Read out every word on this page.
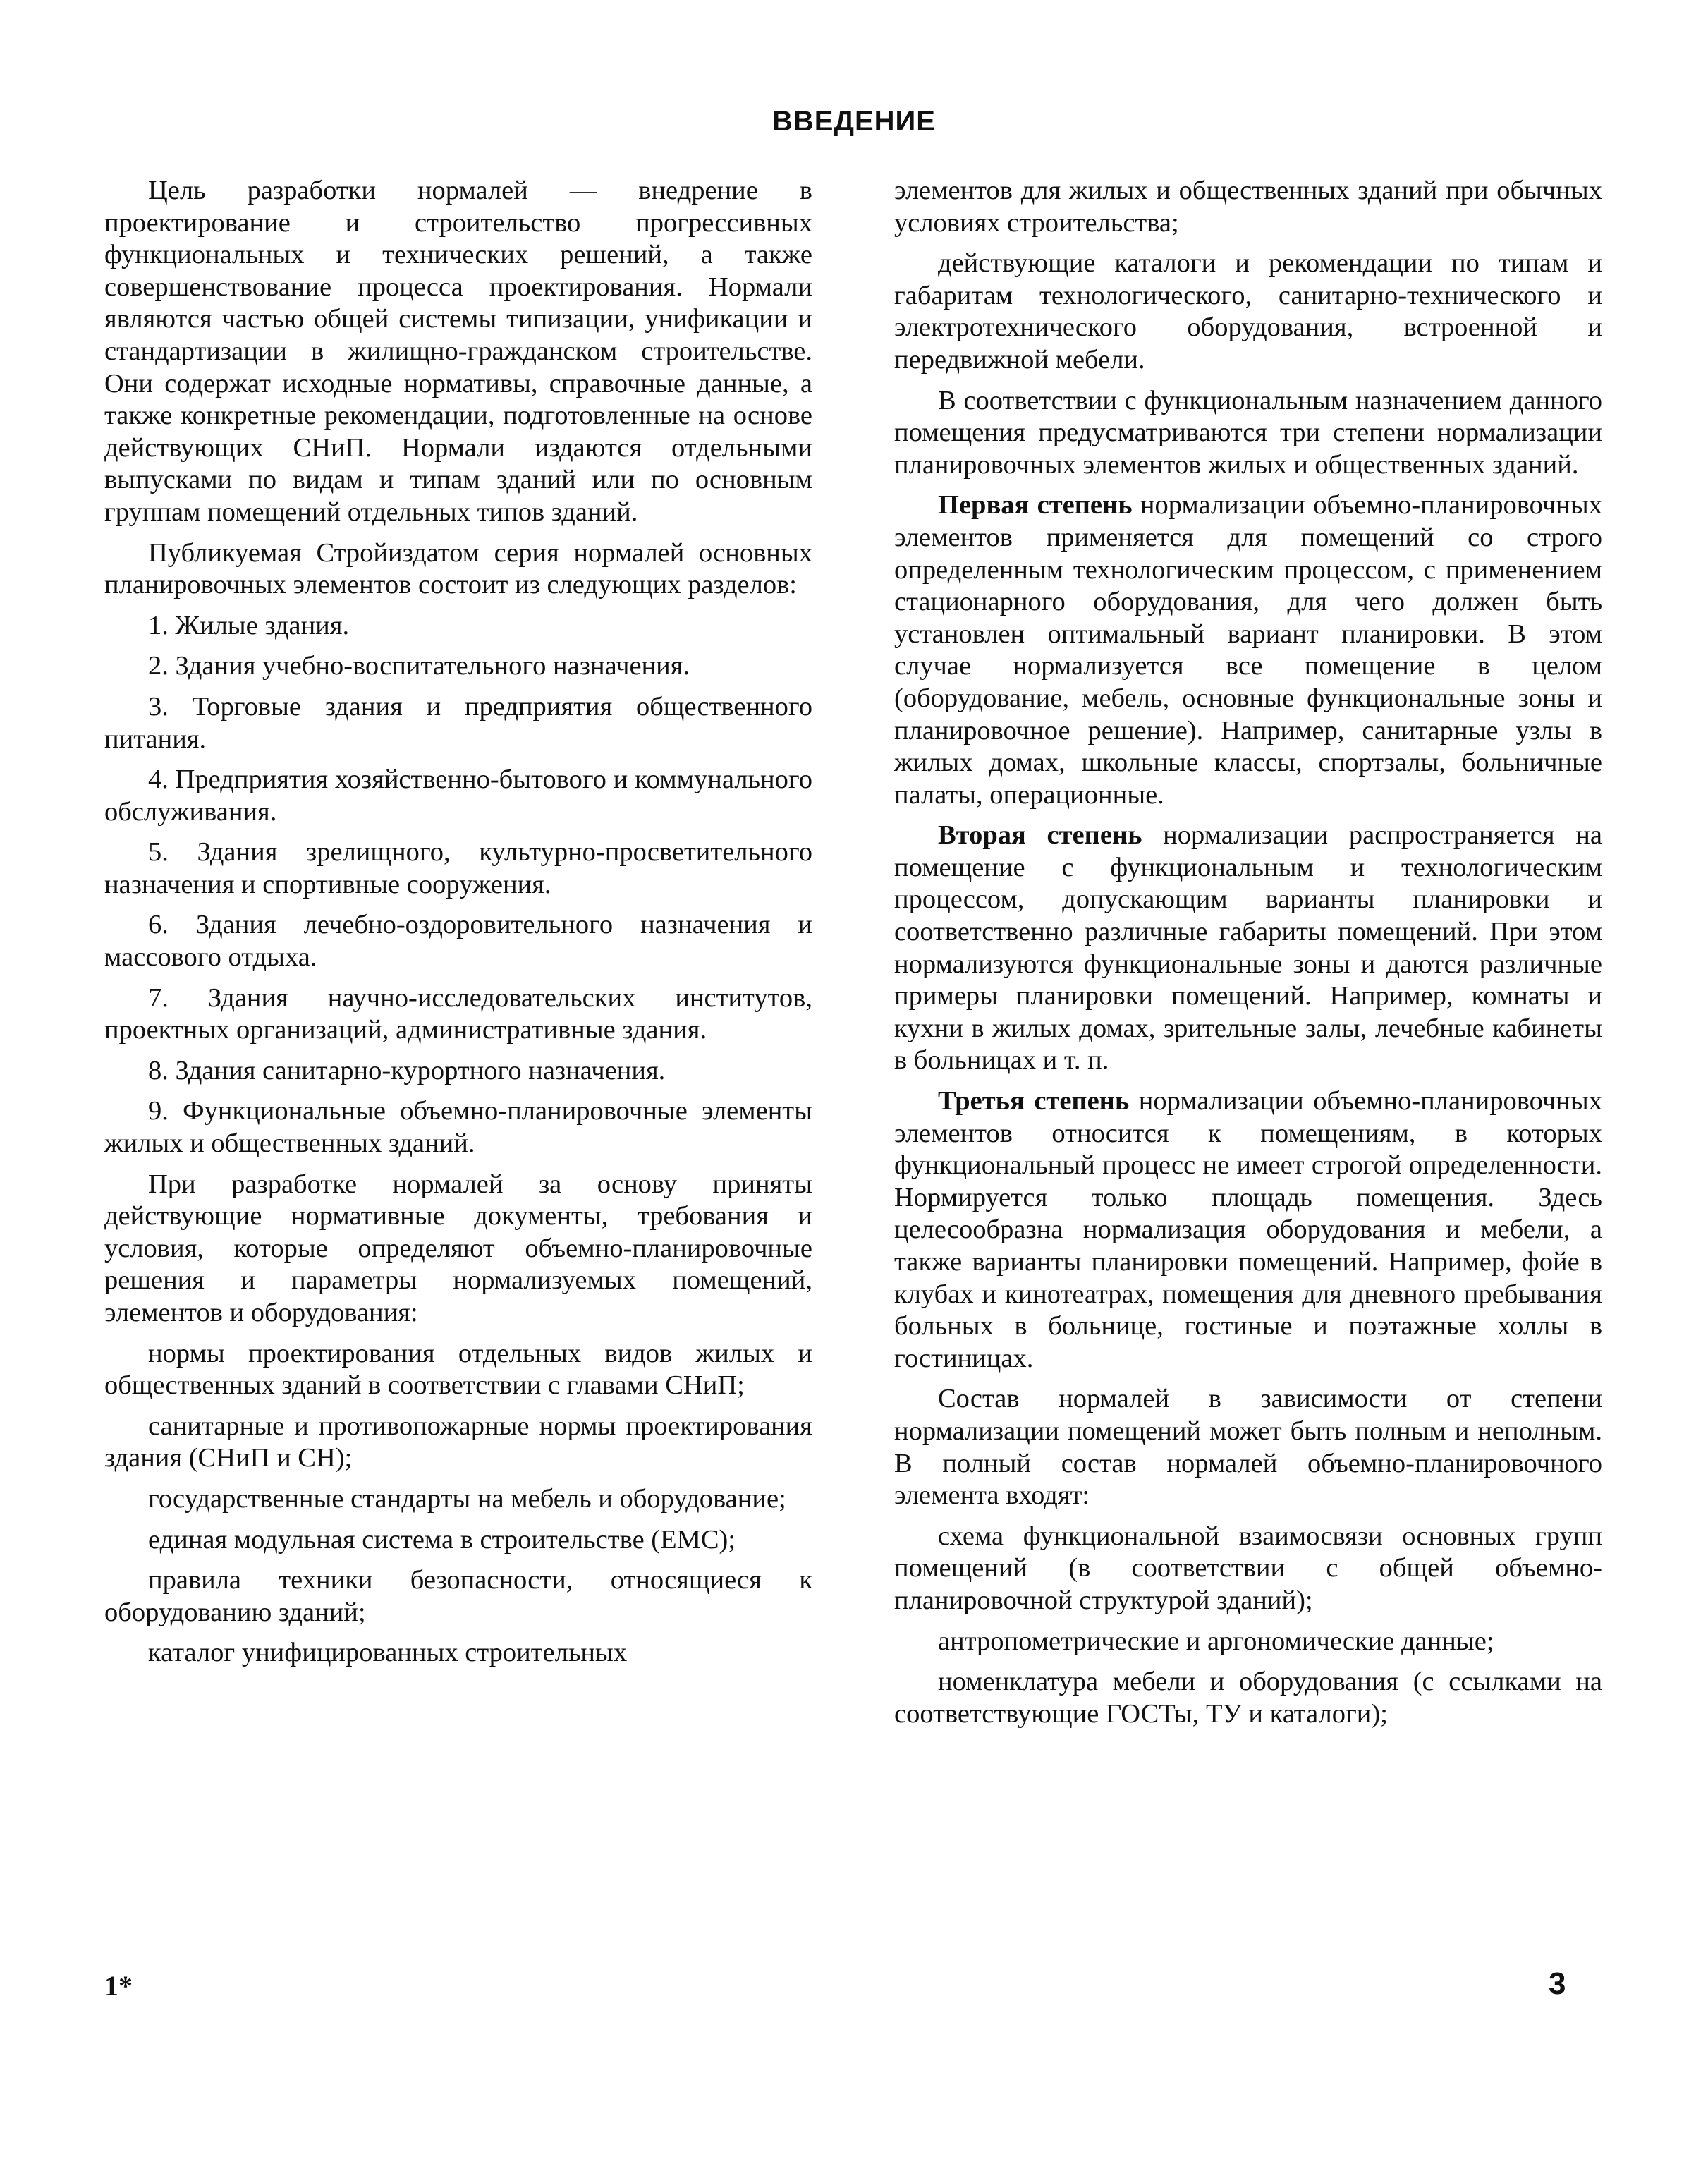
ВВЕДЕНИЕ

Цель разработки нормалей — внедрение в проектирование и строительство прогрессивных функциональных и технических решений, а также совершенствование процесса проектирования. Нормали являются частью общей системы типизации, унификации и стандартизации в жилищно-гражданском строительстве. Они содержат исходные нормативы, справочные данные, а также конкретные рекомендации, подготовленные на основе действующих СНиП. Нормали издаются отдельными выпусками по видам и типам зданий или по основным группам помещений отдельных типов зданий.

Публикуемая Стройиздатом серия нормалей основных планировочных элементов состоит из следующих разделов:

1. Жилые здания.

2. Здания учебно-воспитательного назначения.

3. Торговые здания и предприятия общественного питания.

4. Предприятия хозяйственно-бытового и коммунального обслуживания.

5. Здания зрелищного, культурно-просветительного назначения и спортивные сооружения.

6. Здания лечебно-оздоровительного назначения и массового отдыха.

7. Здания научно-исследовательских институтов, проектных организаций, административные здания.

8. Здания санитарно-курортного назначения.

9. Функциональные объемно-планировочные элементы жилых и общественных зданий.

При разработке нормалей за основу приняты действующие нормативные документы, требования и условия, которые определяют объемно-планировочные решения и параметры нормализуемых помещений, элементов и оборудования:

нормы проектирования отдельных видов жилых и общественных зданий в соответствии с главами СНиП;

санитарные и противопожарные нормы проектирования здания (СНиП и СН);

государственные стандарты на мебель и оборудование;

единая модульная система в строительстве (ЕМС);

правила техники безопасности, относящиеся к оборудованию зданий;

каталог унифицированных строительных

элементов для жилых и общественных зданий при обычных условиях строительства;

действующие каталоги и рекомендации по типам и габаритам технологического, санитарно-технического и электротехнического оборудования, встроенной и передвижной мебели.

В соответствии с функциональным назначением данного помещения предусматриваются три степени нормализации планировочных элементов жилых и общественных зданий.

Первая степень нормализации объемно-планировочных элементов применяется для помещений со строго определенным технологическим процессом, с применением стационарного оборудования, для чего должен быть установлен оптимальный вариант планировки. В этом случае нормализуется все помещение в целом (оборудование, мебель, основные функциональные зоны и планировочное решение). Например, санитарные узлы в жилых домах, школьные классы, спортзалы, больничные палаты, операционные.

Вторая степень нормализации распространяется на помещение с функциональным и технологическим процессом, допускающим варианты планировки и соответственно различные габариты помещений. При этом нормализуются функциональные зоны и даются различные примеры планировки помещений. Например, комнаты и кухни в жилых домах, зрительные залы, лечебные кабинеты в больницах и т. п.

Третья степень нормализации объемно-планировочных элементов относится к помещениям, в которых функциональный процесс не имеет строгой определенности. Нормируется только площадь помещения. Здесь целесообразна нормализация оборудования и мебели, а также варианты планировки помещений. Например, фойе в клубах и кинотеатрах, помещения для дневного пребывания больных в больнице, гостиные и поэтажные холлы в гостиницах.

Состав нормалей в зависимости от степени нормализации помещений может быть полным и неполным. В полный состав нормалей объемно-планировочного элемента входят:

схема функциональной взаимосвязи основных групп помещений (в соответствии с общей объемно-планировочной структурой зданий);

антропометрические и аргономические данные;

номенклатура мебели и оборудования (с ссылками на соответствующие ГОСТы, ТУ и каталоги);

1*	3
